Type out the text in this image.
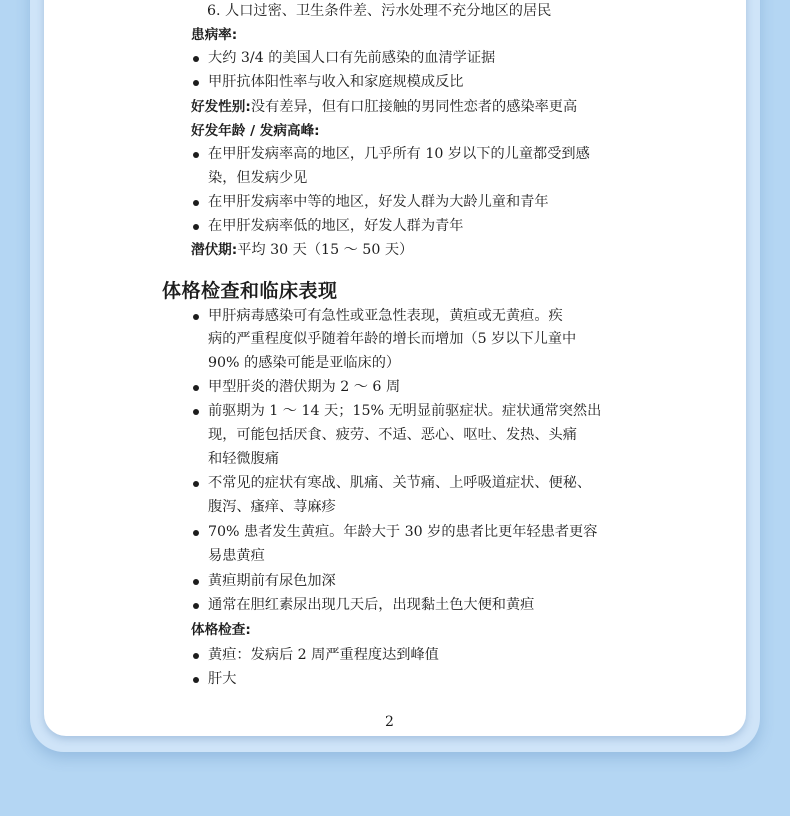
6. 人口过密、卫生条件差、污水处理不充分地区的居民
患病率:
大约 3/4 的美国人口有先前感染的血清学证据
甲肝抗体阳性率与收入和家庭规模成反比
好发性别:没有差异，但有口肛接触的男同性恋者的感染率更高
好发年龄 / 发病高峰:
在甲肝发病率高的地区，几乎所有 10 岁以下的儿童都受到感
染，但发病少见
在甲肝发病率中等的地区，好发人群为大龄儿童和青年
在甲肝发病率低的地区，好发人群为青年
潜伏期:平均 30 天（15 ～ 50 天）
体格检查和临床表现
甲肝病毒感染可有急性或亚急性表现，黄疸或无黄疸。疾
病的严重程度似乎随着年龄的增长而增加（5 岁以下儿童中
90% 的感染可能是亚临床的）
甲型肝炎的潜伏期为 2 ～ 6 周
前驱期为 1 ～ 14 天；15% 无明显前驱症状。症状通常突然出
现，可能包括厌食、疲劳、不适、恶心、呕吐、发热、头痛
和轻微腹痛
不常见的症状有寒战、肌痛、关节痛、上呼吸道症状、便秘、
腹泻、瘙痒、荨麻疹
70% 患者发生黄疸。年龄大于 30 岁的患者比更年轻患者更容
易患黄疸
黄疸期前有尿色加深
通常在胆红素尿出现几天后，出现黏土色大便和黄疸
体格检查:
黄疸：发病后 2 周严重程度达到峰值
肝大
2
